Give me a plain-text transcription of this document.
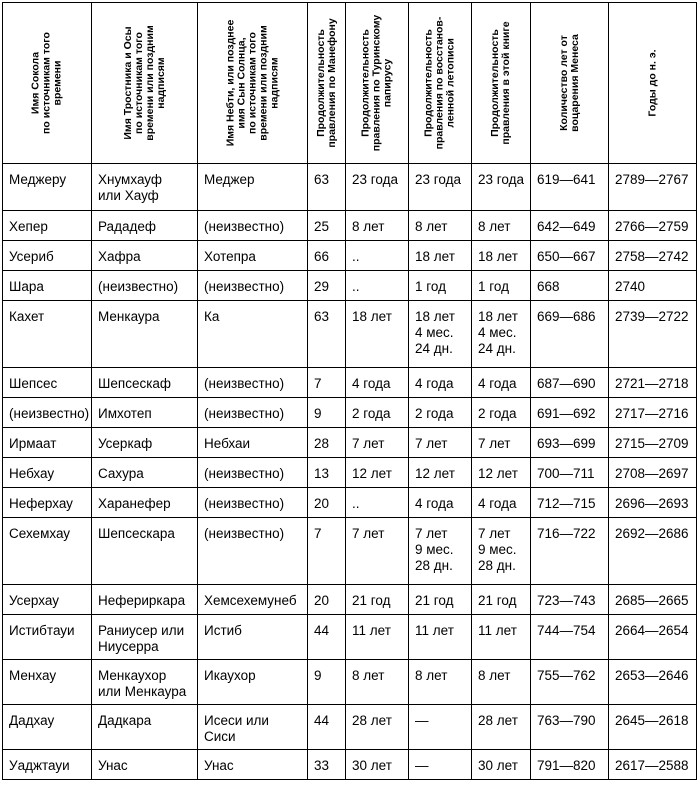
Имя Сокола
по источникам того
времени	Имя Тростника и Осы
по источникам того
времени или поздним
надписям	Имя Небти, или позднее
имя Сын Солнца,
по источникам того
времени или поздним
надписям	Продолжительность
правления по Манефону	Продолжительность
правления по Туринскому
папирусу	Продолжительность
правления по восстанов-
ленной летописи	Продолжительность
правления в этой книге	Количество лет от
воцарения Менеса	Годы до н. э.

Меджеру	Хнумхауф
или Хауф	Меджер	63	23 года	23 года	23 года	619—641	2789—2767

Хепер	Рададеф	(неизвестно)	25	8 лет	8 лет	8 лет	642—649	2766—2759

Усериб	Хафра	Хотепра	66	..	18 лет	18 лет	650—667	2758—2742

Шара	(неизвестно)	(неизвестно)	29	..	1 год	1 год	668	2740

Кахет	Менкаура	Ка	63	18 лет	18 лет
4 мес.
24 дн.	18 лет
4 мес.
24 дн.	669—686	2739—2722

Шепсес	Шепсескаф	(неизвестно)	7	4 года	4 года	4 года	687—690	2721—2718

(неизвестно)	Имхотеп	(неизвестно)	9	2 года	2 года	2 года	691—692	2717—2716

Ирмаат	Усеркаф	Небхаи	28	7 лет	7 лет	7 лет	693—699	2715—2709

Небхау	Сахура	(неизвестно)	13	12 лет	12 лет	12 лет	700—711	2708—2697

Неферхау	Харанефер	(неизвестно)	20	..	4 года	4 года	712—715	2696—2693

Сехемхау	Шепсескара	(неизвестно)	7	7 лет	7 лет
9 мес.
28 дн.	7 лет
9 мес.
28 дн.	716—722	2692—2686

Усерхау	Нефериркара	Хемсехемунеб	20	21 год	21 год	21 год	723—743	2685—2665

Истибтауи	Раниусер или
Ниусерра	Истиб	44	11 лет	11 лет	11 лет	744—754	2664—2654

Менхау	Менкаухор
или Менкаура	Икаухор	9	8 лет	8 лет	8 лет	755—762	2653—2646

Дадхау	Дадкара	Исеси или
Сиси	44	28 лет	—	28 лет	763—790	2645—2618

Уаджтауи	Унас	Унас	33	30 лет	—	30 лет	791—820	2617—2588
